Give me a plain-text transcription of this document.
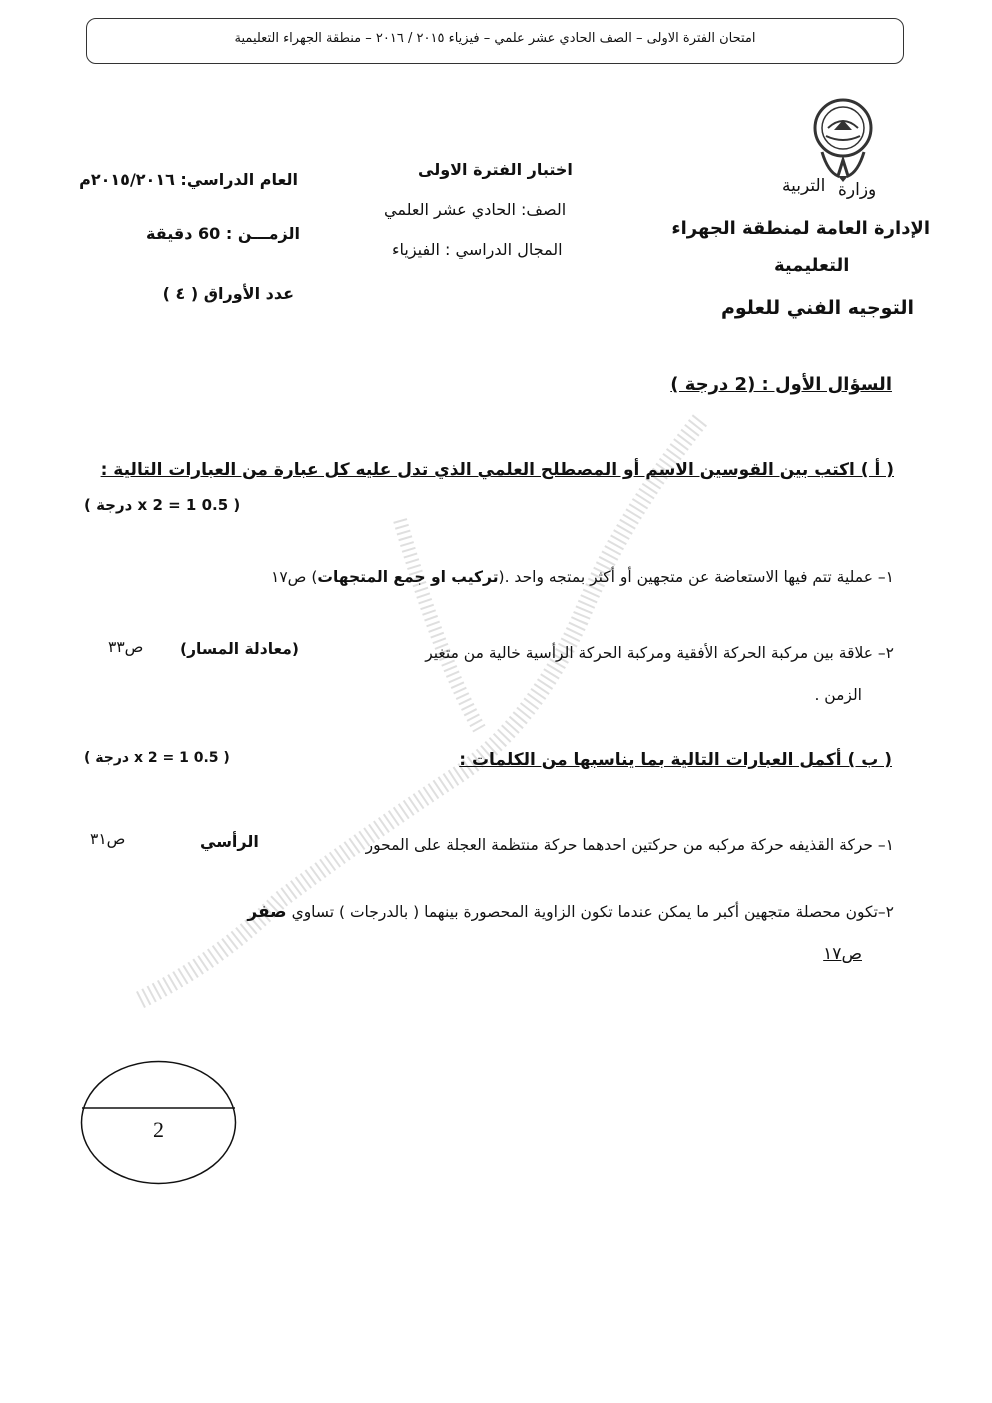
امتحان الفترة الاولى – الصف الحادي عشر علمي – فيزياء ٢٠١٥ / ٢٠١٦ – منطقة الجهراء التعليمية
وزارة
التربية
الإدارة العامة لمنطقة الجهراء
التعليمية
التوجيه الفني للعلوم
اختبار الفترة الاولى
الصف: الحادي عشر العلمي
المجال الدراسي : الفيزياء
العام الدراسي: ٢٠١٥/٢٠١٦م
الزمـــن : 60 دقيقة
عدد الأوراق ( ٤ )
السؤال الأول : (2 درجة )
( أ ) اكتب بين القوسين الاسم أو المصطلح العلمي الذي تدل عليه كل عبارة من العبارات التالية :
( 0.5 x 2 = 1 درجة )
١– عملية تتم فيها الاستعاضة عن متجهين أو أكثر بمتجه واحد .(تركيب او جمع المتجهات) ص١٧
٢– علاقة بين مركبة الحركة الأفقية ومركبة الحركة الرأسية خالية من متغير
(معادلة المسار)
ص٣٣
الزمن .
( ب ) أكمل العبارات التالية بما يناسبها من الكلمات :
( 0.5 x 2 = 1 درجة )
١– حركة القذيفه حركة مركبه من حركتين احدهما حركة منتظمة العجلة على المحور
الرأسي
ص٣١
٢–تكون محصلة متجهين أكبر ما يمكن عندما تكون الزاوية المحصورة بينهما ( بالدرجات ) تساوي صفر
ص١٧
2
